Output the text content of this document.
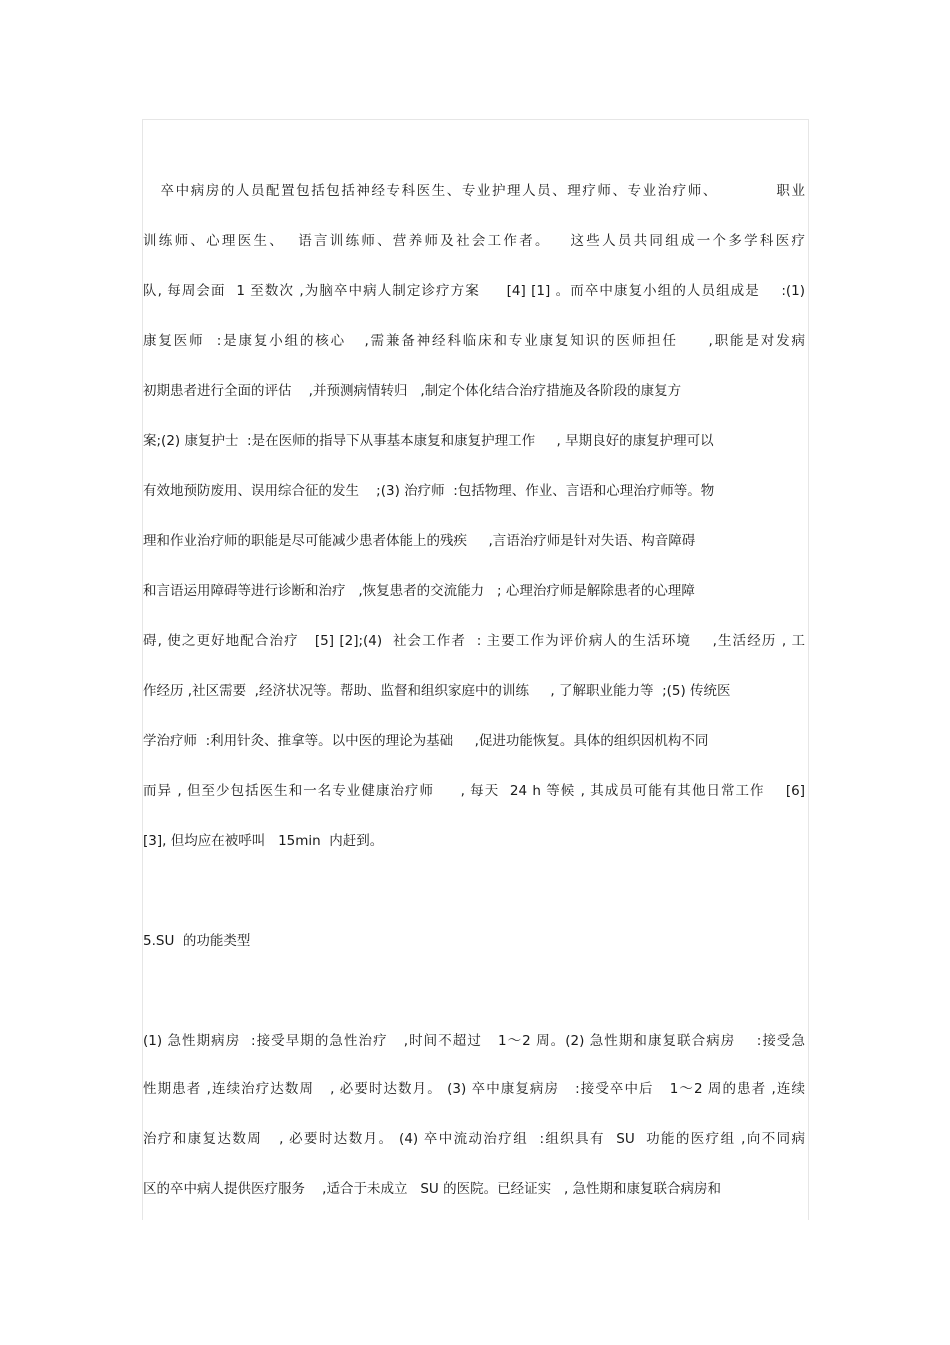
卒中病房的人员配置包括包括神经专科医生、专业护理人员、理疗师、专业治疗师、          职业
训练师、心理医生、  语言训练师、营养师及社会工作者。   这些人员共同组成一个多学科医疗
队, 每周会面  1 至数次 ,为脑卒中病人制定诊疗方案     [4] [1] 。而卒中康复小组的人员组成是    :(1)
康复医师  :是康复小组的核心   ,需兼备神经科临床和专业康复知识的医师担任     ,职能是对发病
初期患者进行全面的评估    ,并预测病情转归   ,制定个体化结合治疗措施及各阶段的康复方
案;(2) 康复护士  :是在医师的指导下从事基本康复和康复护理工作     , 早期良好的康复护理可以
有效地预防废用、误用综合征的发生    ;(3) 治疗师  :包括物理、作业、言语和心理治疗师等。物
理和作业治疗师的职能是尽可能减少患者体能上的残疾     ,言语治疗师是针对失语、构音障碍
和言语运用障碍等进行诊断和治疗   ,恢复患者的交流能力   ; 心理治疗师是解除患者的心理障
碍, 使之更好地配合治疗   [5] [2];(4)  社会工作者  : 主要工作为评价病人的生活环境    ,生活经历 , 工
作经历 ,社区需要  ,经济状况等。帮助、监督和组织家庭中的训练     , 了解职业能力等  ;(5) 传统医
学治疗师  :利用针灸、推拿等。以中医的理论为基础     ,促进功能恢复。具体的组织因机构不同
而异 , 但至少包括医生和一名专业健康治疗师     , 每天  24 h 等候 , 其成员可能有其他日常工作    [6]
[3], 但均应在被呼叫   15min  内赶到。
5.SU  的功能类型
(1) 急性期病房  :接受早期的急性治疗   ,时间不超过   1～2 周。(2) 急性期和康复联合病房    :接受急
性期患者 ,连续治疗达数周   , 必要时达数月。 (3) 卒中康复病房   :接受卒中后   1～2 周的患者 ,连续
治疗和康复达数周   , 必要时达数月。 (4) 卒中流动治疗组  :组织具有  SU  功能的医疗组 ,向不同病
区的卒中病人提供医疗服务    ,适合于未成立   SU 的医院。已经证实   , 急性期和康复联合病房和
